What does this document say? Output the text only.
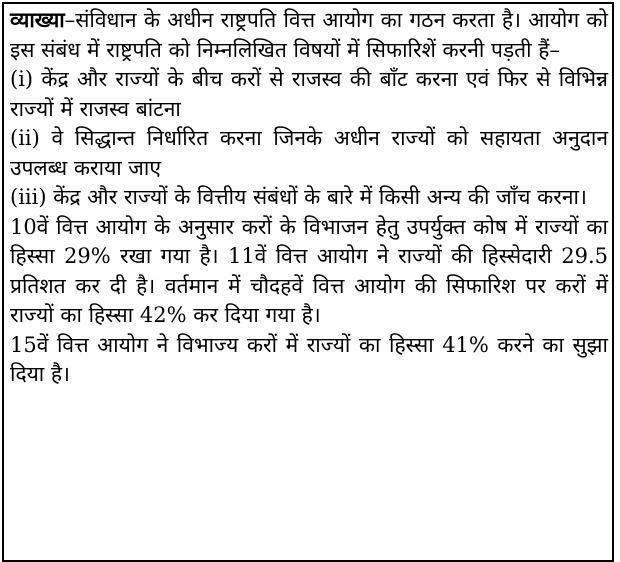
व्याख्या–संविधान के अधीन राष्ट्रपति वित्त आयोग का गठन करता है। आयोग को इस संबंध में राष्ट्रपति को निम्नलिखित विषयों में सिफारिशें करनी पड़ती हैं–

(i) केंद्र और राज्यों के बीच करों से राजस्व की बाँट करना एवं फिर से विभिन्न राज्यों में राजस्व बांटना

(ii) वे सिद्धान्त निर्धारित करना जिनके अधीन राज्यों को सहायता अनुदान उपलब्ध कराया जाए

(iii) केंद्र और राज्यों के वित्तीय संबंधों के बारे में किसी अन्य की जाँच करना।

10वें वित्त आयोग के अनुसार करों के विभाजन हेतु उपर्युक्त कोष में राज्यों का हिस्सा 29% रखा गया है। 11वें वित्त आयोग ने राज्यों की हिस्सेदारी 29.5 प्रतिशत कर दी है। वर्तमान में चौदहवें वित्त आयोग की सिफारिश पर करों में राज्यों का हिस्सा 42% कर दिया गया है।

15वें वित्त आयोग ने विभाज्य करों में राज्यों का हिस्सा 41% करने का सुझा दिया है।
